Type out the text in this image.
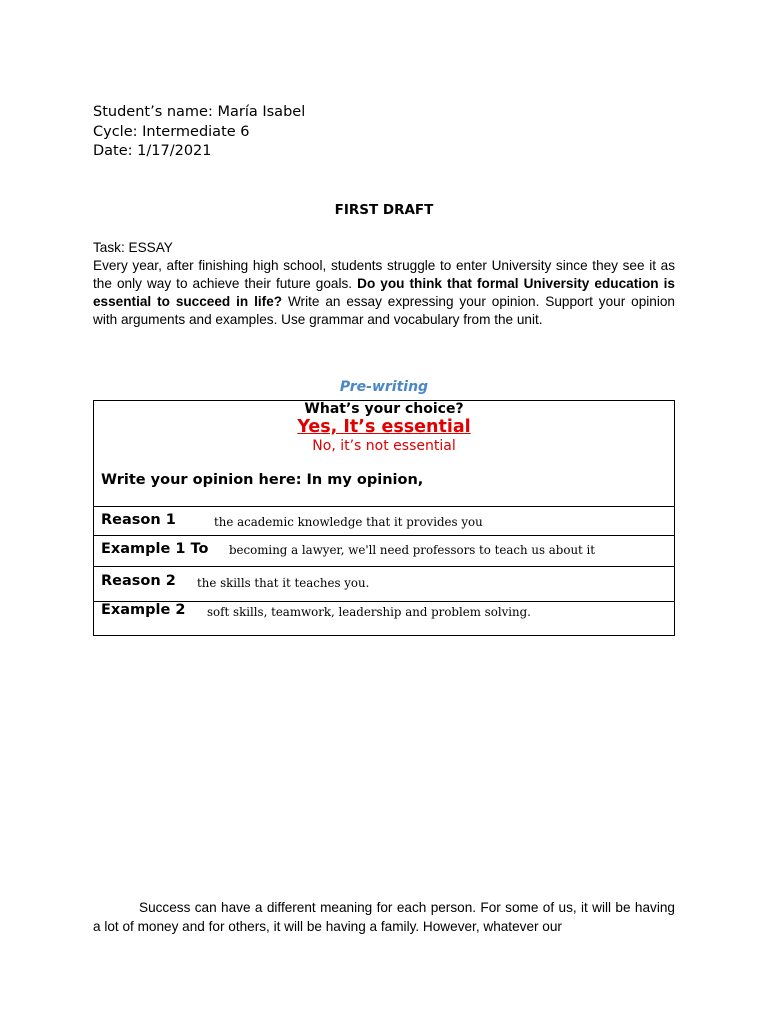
Student’s name: María Isabel
Cycle: Intermediate 6
Date: 1/17/2021
FIRST DRAFT
Task: ESSAY
Every year, after finishing high school, students struggle to enter University since they see it as the only way to achieve their future goals. Do you think that formal University education is essential to succeed in life? Write an essay expressing your opinion. Support your opinion with arguments and examples. Use grammar and vocabulary from the unit.
Pre-writing
What’s your choice?
Yes, It’s essential
No, it’s not essential
Write your opinion here: In my opinion,
Reason 1	the academic knowledge that it provides you
Example 1 To becoming a lawyer, we'll need professors to teach us about it
Reason 2 the skills that it teaches you.
Example 2 soft skills, teamwork, leadership and problem solving.
Success can have a different meaning for each person. For some of us, it will be having a lot of money and for others, it will be having a family. However, whatever our
